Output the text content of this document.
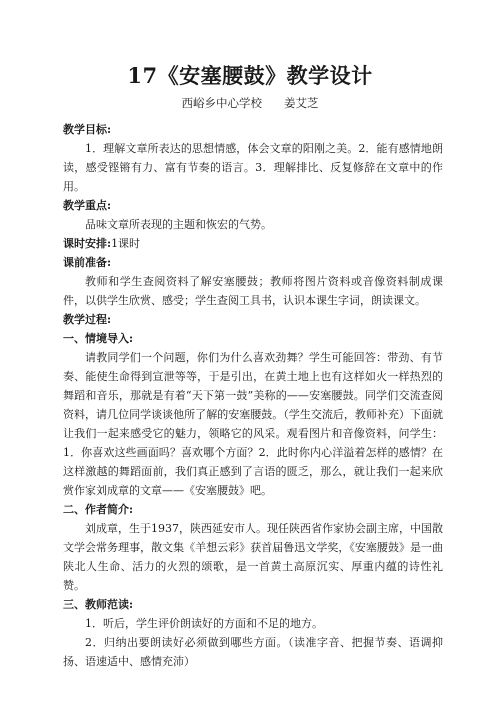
17《安塞腰鼓》教学设计
西峪乡中心学校 姜艾芝
教学目标:

1．理解文章所表达的思想情感，体会文章的阳刚之美。2．能有感情地朗读，感受铿锵有力、富有节奏的语言。3．理解排比、反复修辞在文章中的作用。

教学重点:

品味文章所表现的主题和恢宏的气势。

课时安排:1课时
课前准备:

教师和学生查阅资料了解安塞腰鼓；教师将图片资料或音像资料制成课件，以供学生欣赏、感受；学生查阅工具书，认识本课生字词，朗读课文。

教学过程:
一、情境导入:

请教同学们一个问题，你们为什么喜欢劲舞？学生可能回答：带劲、有节奏、能使生命得到宣泄等等，于是引出，在黄土地上也有这样如火一样热烈的舞蹈和音乐，那就是有着“天下第一鼓”美称的——安塞腰鼓。同学们交流查阅资料，请几位同学谈谈他所了解的安塞腰鼓。（学生交流后，教师补充）下面就让我们一起来感受它的魅力，领略它的风采。观看图片和音像资料，问学生：1．你喜欢这些画面吗？喜欢哪个方面？2．此时你内心洋溢着怎样的感情？在这样激越的舞蹈面前，我们真正感到了言语的匮乏，那么，就让我们一起来欣赏作家刘成章的文章——《安塞腰鼓》吧。

二、作者简介:

刘成章，生于1937，陕西延安市人。现任陕西省作家协会副主席，中国散文学会常务理事，散文集《羊想云彩》获首届鲁迅文学奖，《安塞腰鼓》是一曲陕北人生命、活力的火烈的颂歌，是一首黄土高原沉实、厚重内蕴的诗性礼赞。

三、教师范读:

1．听后，学生评价朗读好的方面和不足的地方。

2．归纳出要朗读好必须做到哪些方面。（读准字音、把握节奏、语调抑扬、语速适中、感情充沛）
